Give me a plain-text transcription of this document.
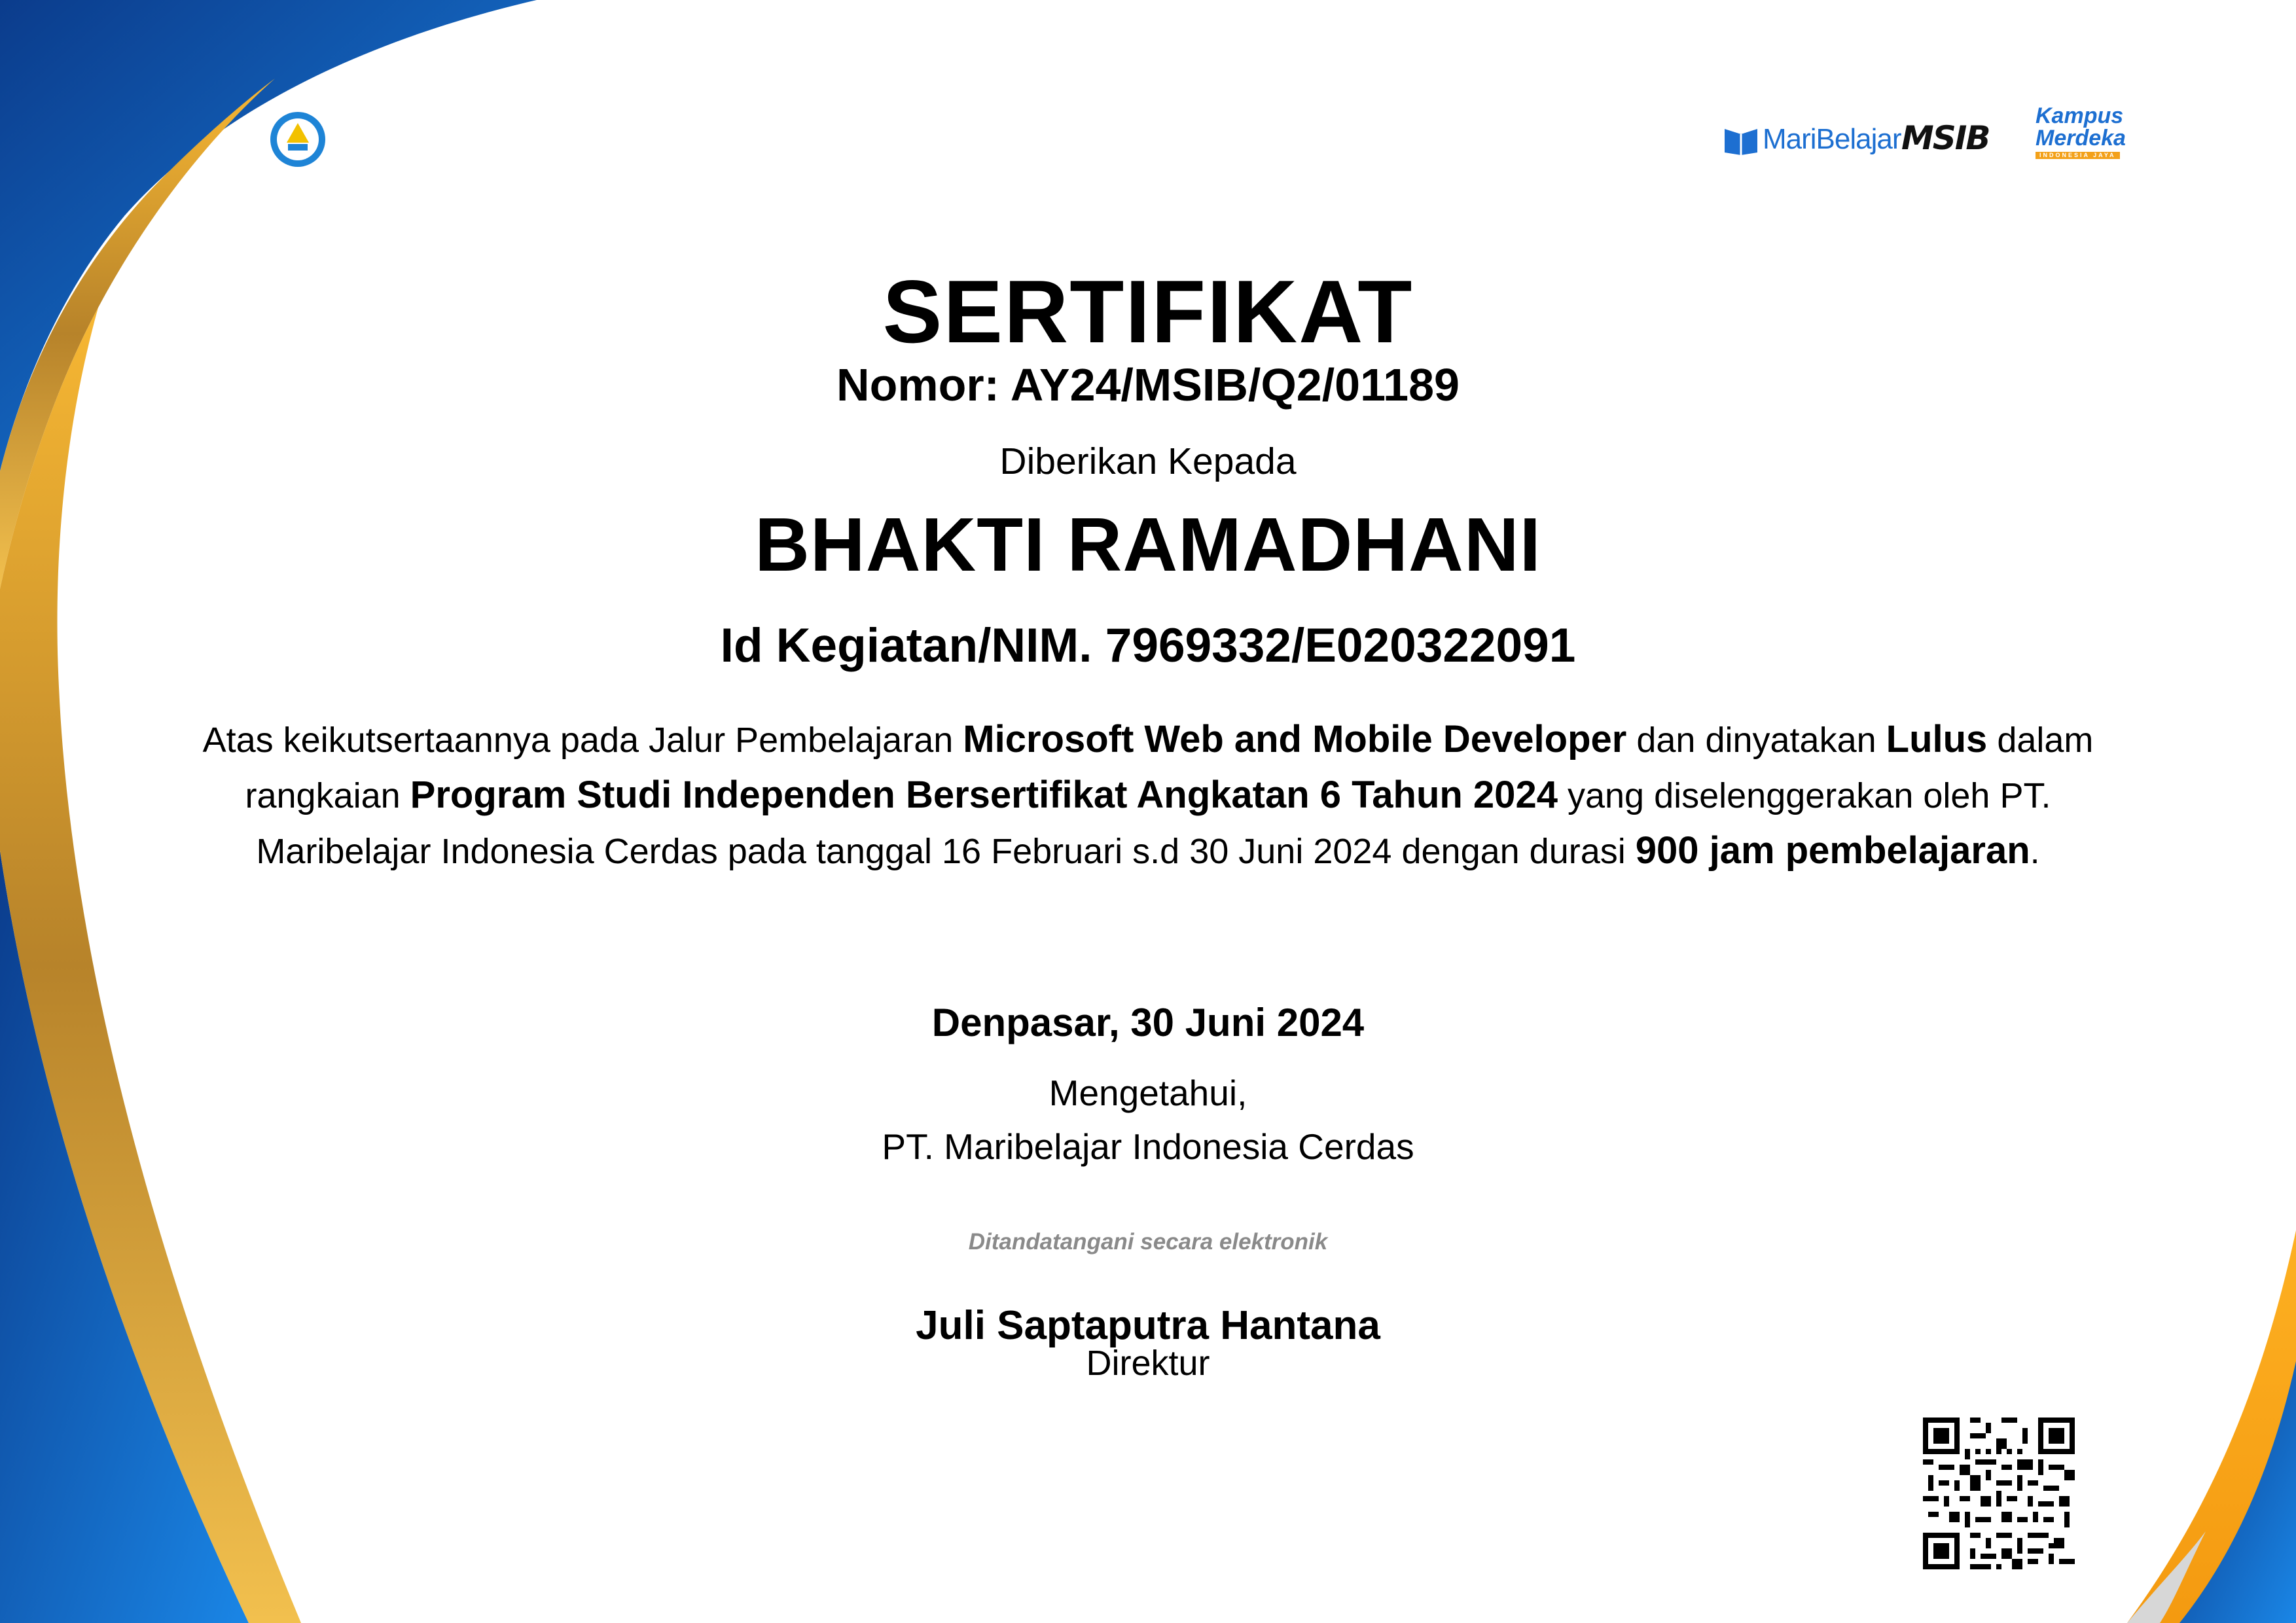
MariBelajar MSIB
Kampus
Merdeka
INDONESIA JAYA
SERTIFIKAT
Nomor: AY24/MSIB/Q2/01189
Diberikan Kepada
BHAKTI RAMADHANI
Id Kegiatan/NIM. 7969332/E020322091
Atas keikutsertaannya pada Jalur Pembelajaran Microsoft Web and Mobile Developer dan dinyatakan Lulus dalam rangkaian Program Studi Independen Bersertifikat Angkatan 6 Tahun 2024 yang diselenggerakan oleh PT. Maribelajar Indonesia Cerdas pada tanggal 16 Februari s.d 30 Juni 2024 dengan durasi 900 jam pembelajaran.
Denpasar, 30 Juni 2024
Mengetahui,
PT. Maribelajar Indonesia Cerdas
Ditandatangani secara elektronik
Juli Saptaputra Hantana
Direktur
